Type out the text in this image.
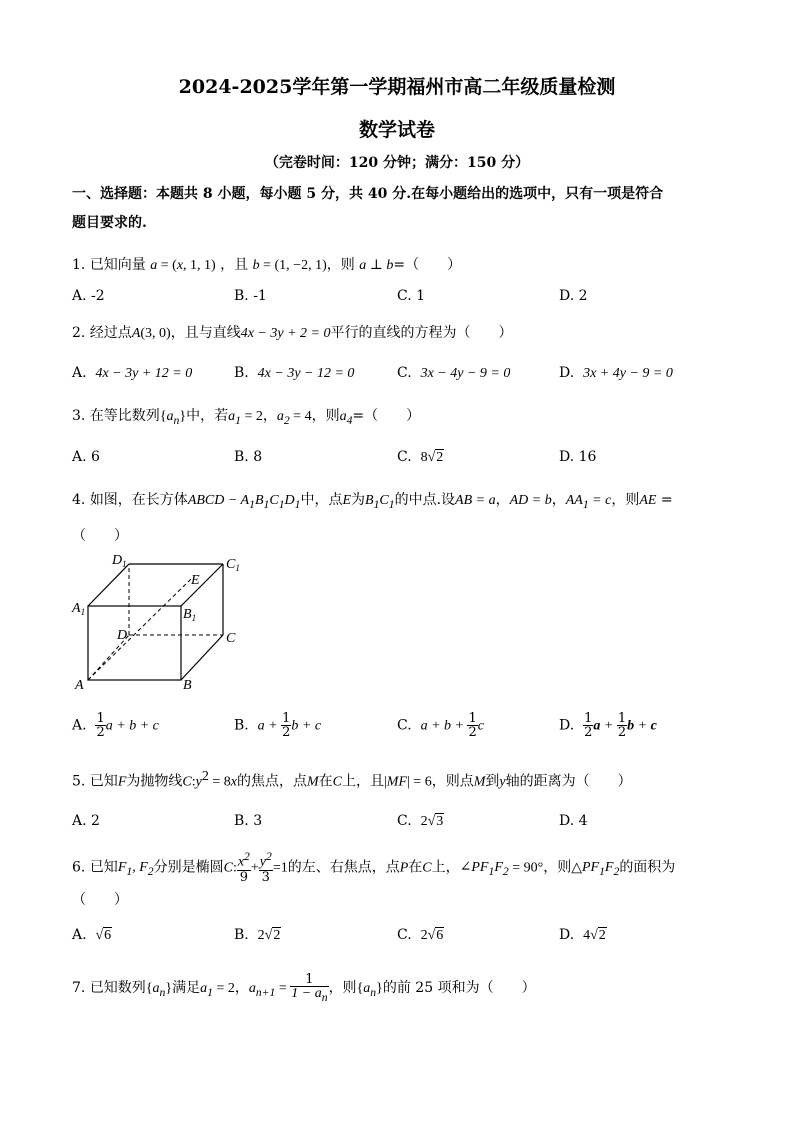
2024-2025学年第一学期福州市高二年级质量检测
数学试卷
（完卷时间：120 分钟；满分：150 分）
一、选择题：本题共 8 小题，每小题 5 分，共 40 分.在每小题给出的选项中，只有一项是符合
题目要求的.
1. 已知向量 a = (x, 1, 1) ，且 b = (1, −2, 1)，则 a ⊥ b=（　　）
A. -2	B. -1	C. 1	D. 2
2. 经过点A(3, 0)，且与直线4x − 3y + 2 = 0平行的直线的方程为（　　）
A. 4x − 3y + 12 = 0	B. 4x − 3y − 12 = 0	C. 3x − 4y − 9 = 0	D. 3x + 4y − 9 = 0
3. 在等比数列$\{a_n\}$中，若$a_1 = 2$，$a_2 = 4$，则$a_4=$（　　）
A. 6	B. 8	C. 8√2	D. 16
4. 如图，在长方体ABCD − $A_1B_1C_1D_1$中，点E为$B_1C_1$的中点.设AB = a，AD = b，$AA_1 = c$，则AE =
（　　）
$D_1$	$C_1$
$A_1$	$B_1$
E
D	C
A	B
A. $\frac{1}{2}$ a + b + c	B. $a + \frac{1}{2}$ b + c	C. $a + b + \frac{1}{2}$ c	D. $\frac{1}{2}$ $a + \frac{1}{2}$ b + c
5. 已知F为抛物线$C:y^2 = 8x$的焦点，点M在C上，且|MF| = 6，则点M到y轴的距离为（　　）
A. 2	B. 3	C. 2√3	D. 4
6. 已知$F_1$, $F_2$分别是椭圆C: $\frac{x^2}{9} + \frac{y^2}{3} =1$的左、右焦点，点P在C上，$\angle PF_1F_2 = 90^\circ$，则$\triangle PF_1F_2$的面积为
（　　）
A. √6	B. 2√2	C. 2√6	D. 4√2
7. 已知数列$\{a_n\}$满足$a_1 = 2$，$a_{n+1} = \frac{1}{1 - a_n}$ ，则$\{a_n\}$的前 25 项和为（　　）
